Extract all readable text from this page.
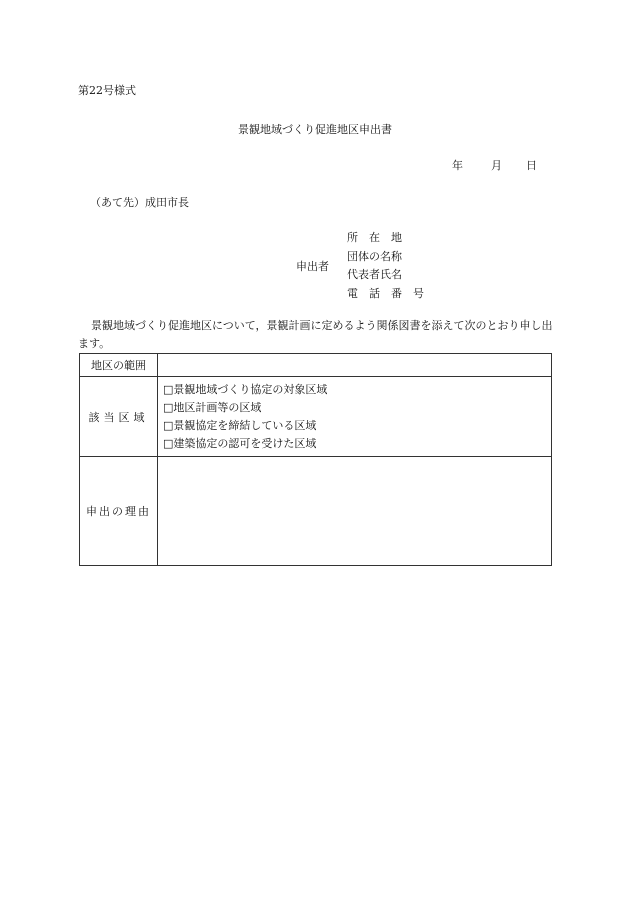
第22号様式
景観地域づくり促進地区申出書
年	月 日
（あて先）成田市長
申出者
所　在　地
団体の名称
代表者氏名
電　話　番　号
景観地域づくり促進地区について，景観計画に定めるよう関係図書を添えて次のとおり申し出ます。
地区の範囲	
該当区域	□景観地域づくり協定の対象区域
□地区計画等の区域
□景観協定を締結している区域
□建築協定の認可を受けた区域

申出の理由	
